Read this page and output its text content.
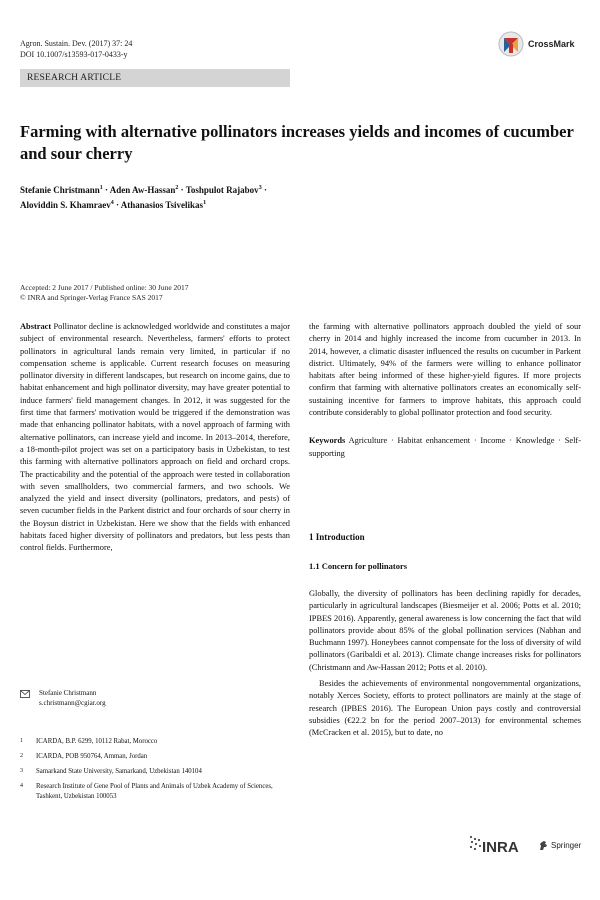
Agron. Sustain. Dev. (2017) 37: 24
DOI 10.1007/s13593-017-0433-y
CrossMark
RESEARCH ARTICLE
Farming with alternative pollinators increases yields and incomes of cucumber and sour cherry
Stefanie Christmann$^1$ · Aden Aw-Hassan$^2$ · Toshpulot Rajabov$^3$ ·
Aloviddin S. Khamraev$^4$ · Athanasios Tsivelikas$^1$
Accepted: 2 June 2017 / Published online: 30 June 2017
© INRA and Springer-Verlag France SAS 2017

Abstract Pollinator decline is acknowledged worldwide and constitutes a major subject of environmental research. Nevertheless, farmers' efforts to protect pollinators in agricultural lands remain very limited, in particular if no compensation scheme is applicable. Current research focuses on measuring pollinator diversity in different landscapes, but research on income gains, due to habitat enhancement and high pollinator diversity, may have greater potential to induce farmers' field management changes. In 2012, it was suggested for the first time that farmers' motivation would be triggered if the demonstration was made that enhancing pollinator habitats, with a novel approach of farming with alternative pollinators, can increase yield and income. In 2013–2014, therefore, a 18-month-pilot project was set on a participatory basis in Uzbekistan, to test this farming with alternative pollinators approach on field and orchard crops. The practicability and the potential of the approach were tested in collaboration with seven smallholders, two commercial farmers, and two schools. We analyzed the yield and insect diversity (pollinators, predators, and pests) of seven cucumber fields in the Parkent district and four orchards of sour cherry in the Boysun district in Uzbekistan. Here we show that the fields with enhanced habitats faced higher diversity of pollinators and predators, but less pests than control fields. Furthermore,

the farming with alternative pollinators approach doubled the yield of sour cherry in 2014 and highly increased the income from cucumber in 2013. In 2014, however, a climatic disaster influenced the results on cucumber in Parkent district. Ultimately, 94% of the farmers were willing to enhance pollinator habitats after being informed of these higher-yield figures. If more projects confirm that farming with alternative pollinators creates an economically self-sustaining incentive for farmers to improve habitats, this approach could contribute considerably to global pollinator protection and food security.

Keywords Agriculture · Habitat enhancement · Income · Knowledge · Self-supporting

1 Introduction
1.1 Concern for pollinators

Globally, the diversity of pollinators has been declining rapidly for decades, particularly in agricultural landscapes (Biesmeijer et al. 2006; Potts et al. 2010; IPBES 2016). Apparently, general awareness is low concerning the fact that wild pollinators provide about 85% of the global pollination services (Nabhan and Buchmann 1997). Honeybees cannot compensate for the loss of diversity of wild pollinators (Garibaldi et al. 2013). Climate change increases risks for pollinators (Christmann and Aw-Hassan 2012; Potts et al. 2010).

Besides the achievements of environmental nongovernmental organizations, notably Xerces Society, efforts to protect pollinators are mainly at the stage of research (IPBES 2016). The European Union pays costly and controversial subsidies (€22.2 bn for the period 2007–2013) for environmental schemes (McCracken et al. 2015), but to date, no

Stefanie Christmann
s.christmann@cgiar.org
1	ICARDA, B.P. 6299, 10112 Rabat, Morocco
2	ICARDA, POB 950764, Amman, Jordan
3	Samarkand State University, Samarkand, Uzbekistan 140104
4	Research Institute of Gene Pool of Plants and Animals of Uzbek Academy of Sciences, Tashkent, Uzbekistan 100053
INRA	Springer
